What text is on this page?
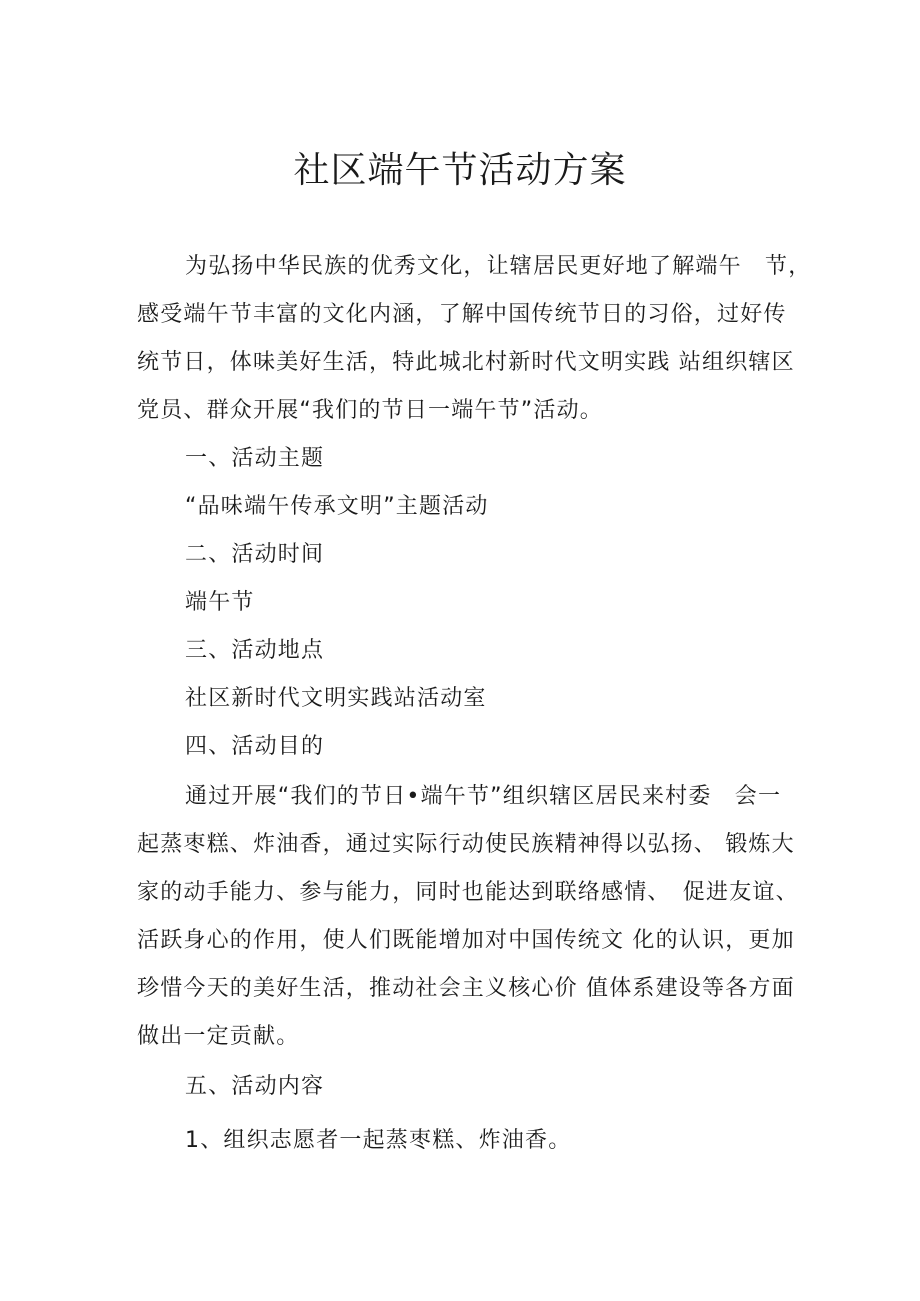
社区端午节活动方案
为弘扬中华民族的优秀文化，让辖居民更好地了解端午　节，
感受端午节丰富的文化内涵，了解中国传统节日的习俗，过好传
统节日，体味美好生活，特此城北村新时代文明实践 站组织辖区
党员、群众开展“我们的节日一端午节”活动。
一、活动主题
“品味端午传承文明”主题活动
二、活动时间
端午节
三、活动地点
社区新时代文明实践站活动室
四、活动目的
通过开展“我们的节日•端午节”组织辖区居民来村委　会一
起蒸枣糕、炸油香，通过实际行动使民族精神得以弘扬、 锻炼大
家的动手能力、参与能力，同时也能达到联络感情、　促进友谊、
活跃身心的作用，使人们既能增加对中国传统文 化的认识，更加
珍惜今天的美好生活，推动社会主义核心价 值体系建设等各方面
做出一定贡献。
五、活动内容
1、组织志愿者一起蒸枣糕、炸油香。
